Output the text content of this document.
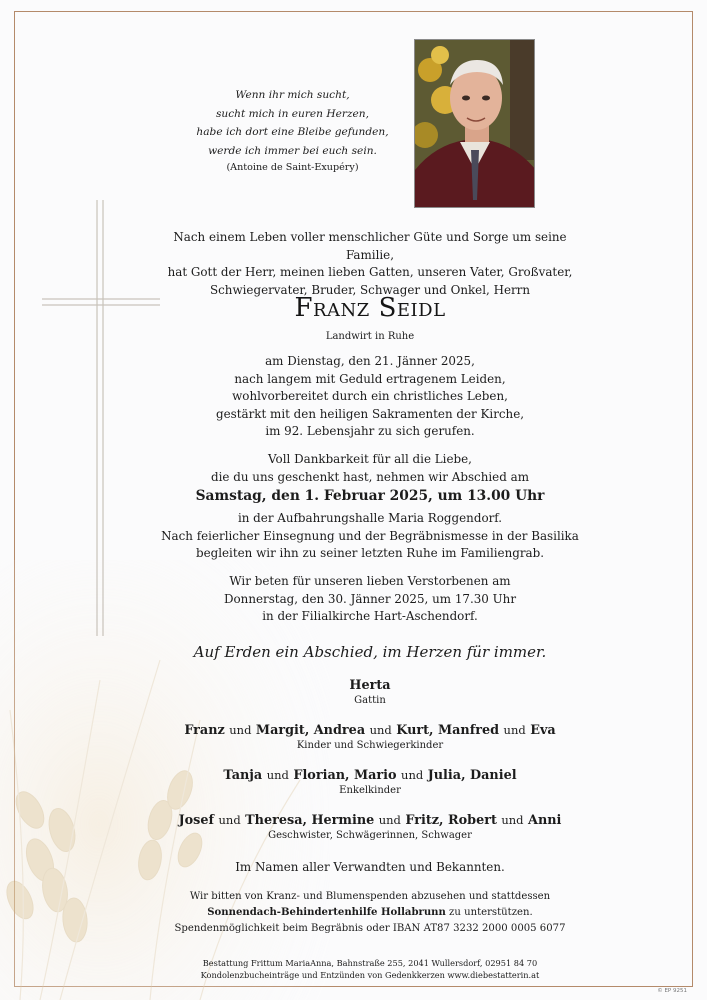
Wenn ihr mich sucht,
sucht mich in euren Herzen,
habe ich dort eine Bleibe gefunden,
werde ich immer bei euch sein.
(Antoine de Saint-Exupéry)
Nach einem Leben voller menschlicher Güte und Sorge um seine Familie,
hat Gott der Herr, meinen lieben Gatten, unseren Vater, Großvater,
Schwiegervater, Bruder, Schwager und Onkel, Herrn
Franz Seidl
Landwirt in Ruhe
am Dienstag, den 21. Jänner 2025,
nach langem mit Geduld ertragenem Leiden,
wohlvorbereitet durch ein christliches Leben,
gestärkt mit den heiligen Sakramenten der Kirche,
im 92. Lebensjahr zu sich gerufen.
Voll Dankbarkeit für all die Liebe,
die du uns geschenkt hast, nehmen wir Abschied am
Samstag, den 1. Februar 2025, um 13.00 Uhr
in der Aufbahrungshalle Maria Roggendorf.
Nach feierlicher Einsegnung und der Begräbnismesse in der Basilika
begleiten wir ihn zu seiner letzten Ruhe im Familiengrab.
Wir beten für unseren lieben Verstorbenen am
Donnerstag, den 30. Jänner 2025, um 17.30 Uhr
in der Filialkirche Hart-Aschendorf.
Auf Erden ein Abschied, im Herzen für immer.
Herta
Gattin
Franz und Margit, Andrea und Kurt, Manfred und Eva
Kinder und Schwiegerkinder
Tanja und Florian, Mario und Julia, Daniel
Enkelkinder
Josef und Theresa, Hermine und Fritz, Robert und Anni
Geschwister, Schwägerinnen, Schwager
Im Namen aller Verwandten und Bekannten.
Wir bitten von Kranz- und Blumenspenden abzusehen und stattdessen
Sonnendach-Behindertenhilfe Hollabrunn zu unterstützen.
Spendenmöglichkeit beim Begräbnis oder IBAN AT87 3232 2000 0005 6077
Bestattung Frittum MariaAnna, Bahnstraße 255, 2041 Wullersdorf, 02951 84 70
Kondolenzbucheinträge und Entzünden von Gedenkkerzen www.diebestatterin.at
© EP 9251
